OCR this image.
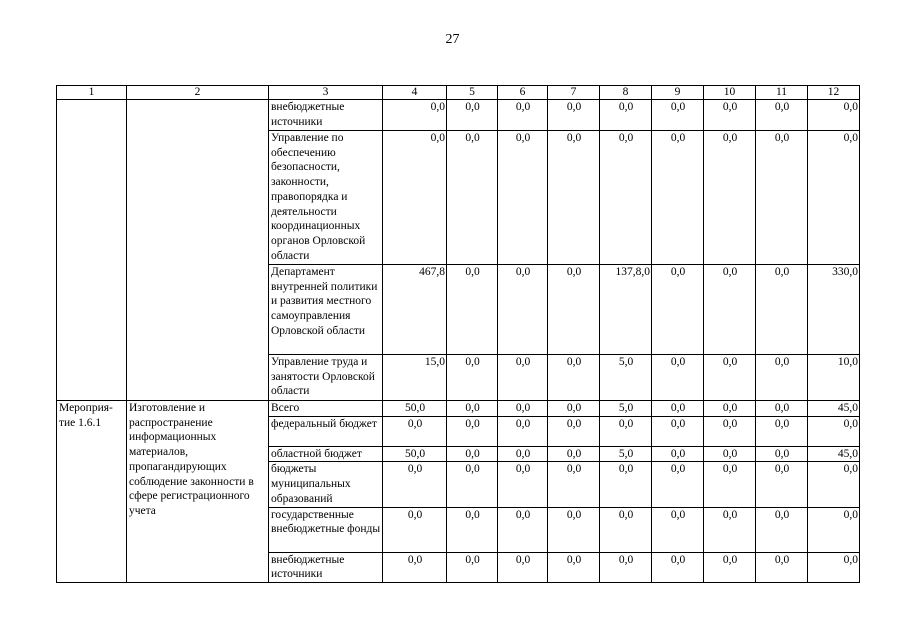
27
1	2	3	4	5	6	7	8	9	10	11	12
		внебюджетные источники	0,0	0,0	0,0	0,0	0,0	0,0	0,0	0,0	0,0
		Управление по обеспечению безопасности, законности, правопорядка и деятельности координационных органов Орловской области	0,0	0,0	0,0	0,0	0,0	0,0	0,0	0,0	0,0
		Департамент внутренней политики и развития местного самоуправления Орловской области	467,8	0,0	0,0	0,0	137,8,0	0,0	0,0	0,0	330,0
		Управление труда и занятости Орловской области	15,0	0,0	0,0	0,0	5,0	0,0	0,0	0,0	10,0
Мероприя-тие 1.6.1	Изготовление и распространение информационных материалов, пропагандирующих соблюдение законности в сфере регистрационного учета	Всего	50,0	0,0	0,0	0,0	5,0	0,0	0,0	0,0	45,0
		федеральный бюджет	0,0	0,0	0,0	0,0	0,0	0,0	0,0	0,0	0,0
		областной бюджет	50,0	0,0	0,0	0,0	5,0	0,0	0,0	0,0	45,0
		бюджеты муниципальных образований	0,0	0,0	0,0	0,0	0,0	0,0	0,0	0,0	0,0
		государственные внебюджетные фонды	0,0	0,0	0,0	0,0	0,0	0,0	0,0	0,0	0,0
		внебюджетные источники	0,0	0,0	0,0	0,0	0,0	0,0	0,0	0,0	0,0
